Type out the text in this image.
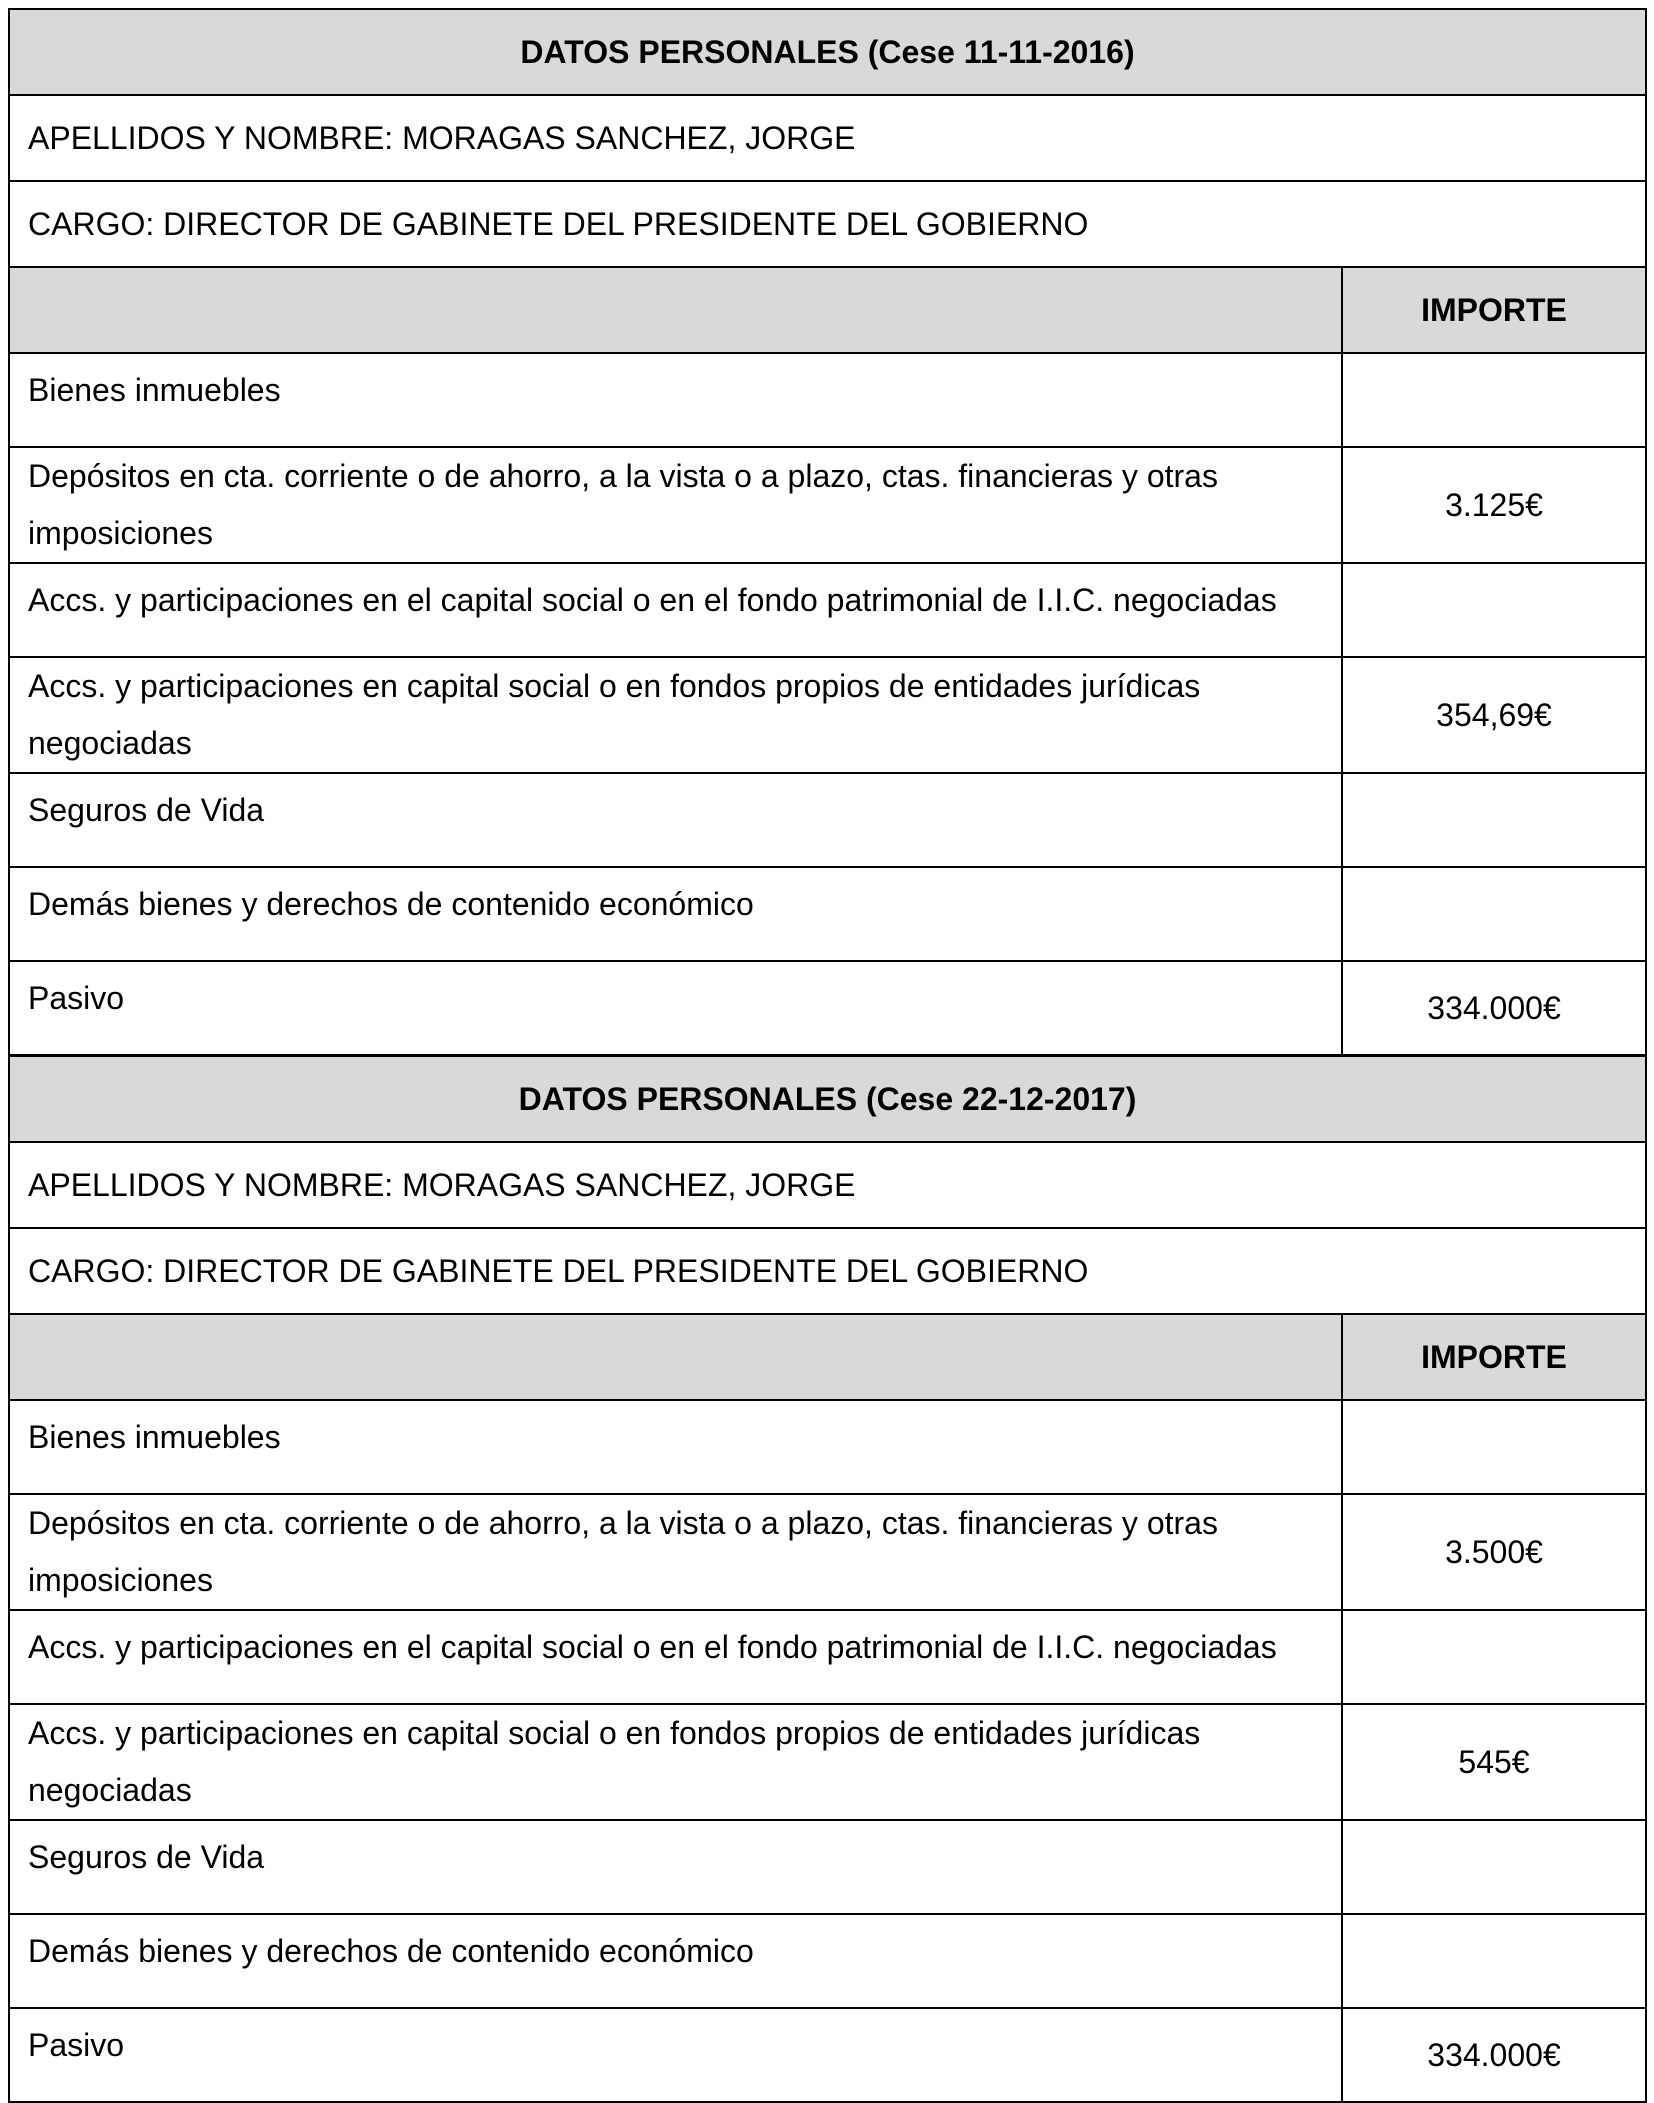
DATOS PERSONALES (Cese 11-11-2016)	
APELLIDOS Y NOMBRE: MORAGAS SANCHEZ, JORGE	
CARGO: DIRECTOR DE GABINETE DEL PRESIDENTE DEL GOBIERNO	
	IMPORTE
Bienes inmuebles	
Depósitos en cta. corriente o de ahorro, a la vista o a plazo, ctas. financieras y otras imposiciones	3.125€
Accs. y participaciones en el capital social o en el fondo patrimonial de I.I.C. negociadas	
Accs. y participaciones en capital social o en fondos propios de entidades jurídicas negociadas	354,69€
Seguros de Vida	
Demás bienes y derechos de contenido económico	
Pasivo	334.000€
DATOS PERSONALES (Cese 22-12-2017)	
APELLIDOS Y NOMBRE: MORAGAS SANCHEZ, JORGE	
CARGO: DIRECTOR DE GABINETE DEL PRESIDENTE DEL GOBIERNO	
	IMPORTE
Bienes inmuebles	
Depósitos en cta. corriente o de ahorro, a la vista o a plazo, ctas. financieras y otras imposiciones	3.500€
Accs. y participaciones en el capital social o en el fondo patrimonial de I.I.C. negociadas	
Accs. y participaciones en capital social o en fondos propios de entidades jurídicas negociadas	545€
Seguros de Vida	
Demás bienes y derechos de contenido económico	
Pasivo	334.000€
